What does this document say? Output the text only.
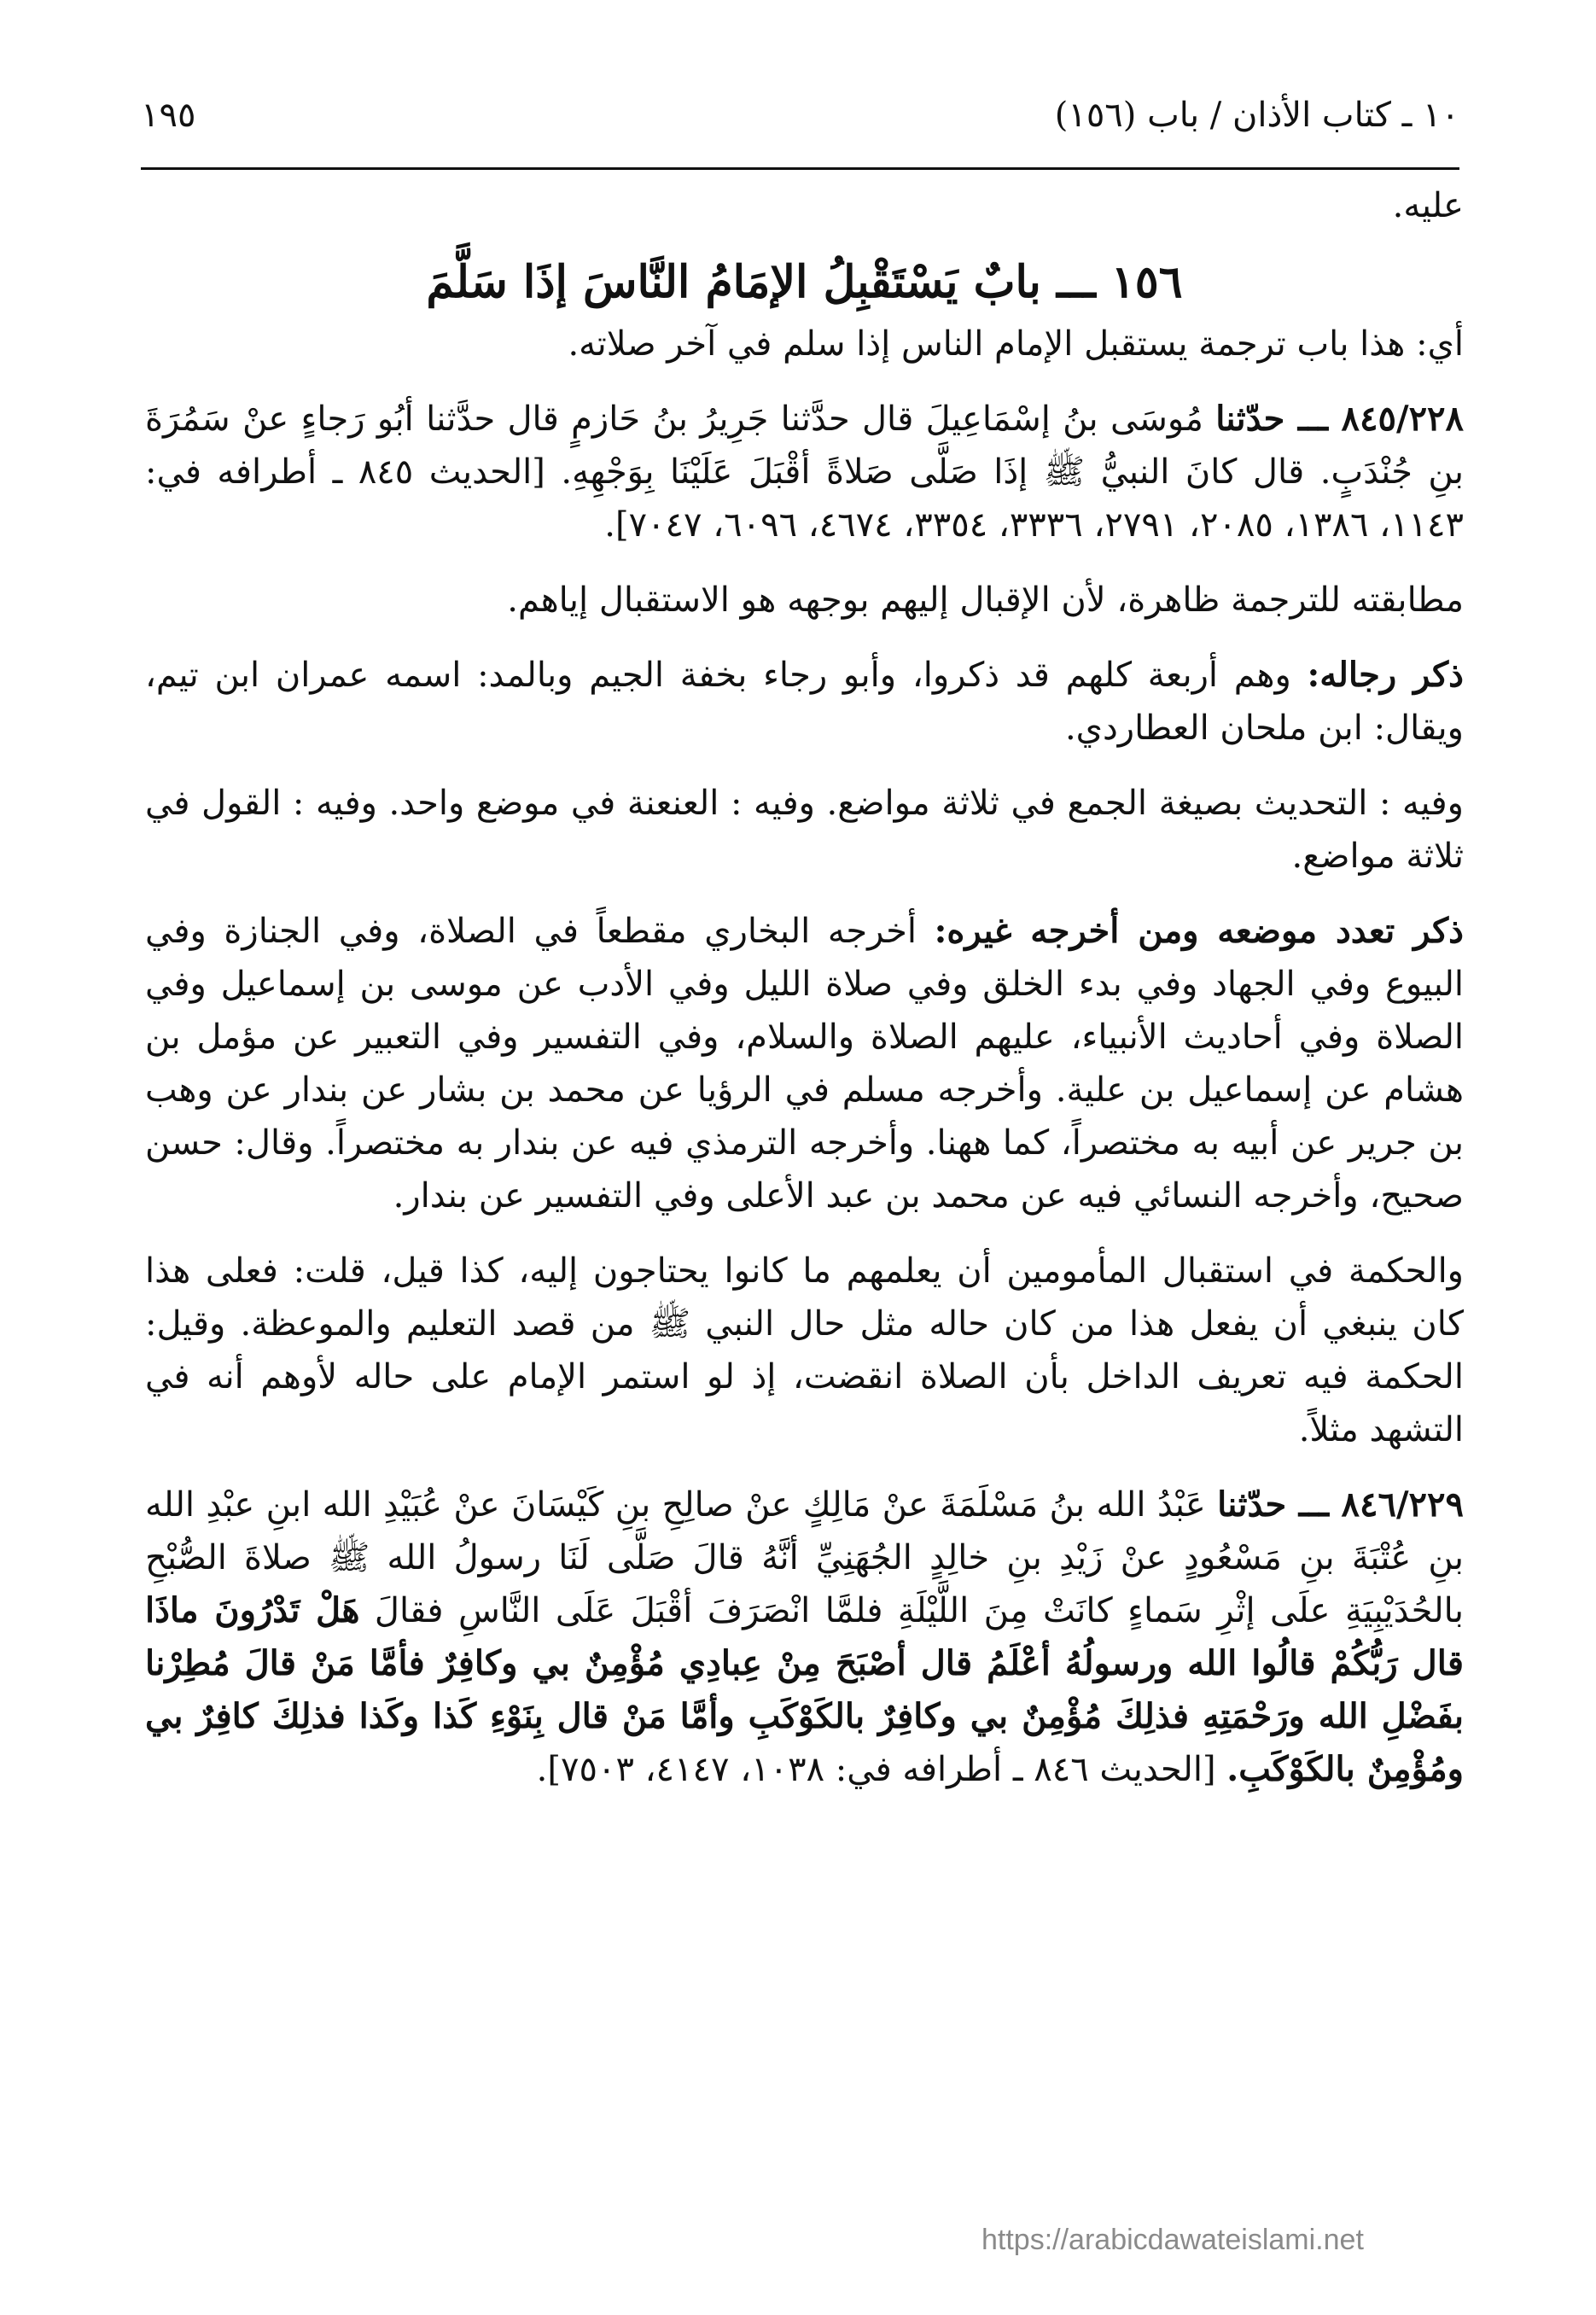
١٠ ـ كتاب الأذان / باب (١٥٦)
١٩٥

عليه.

١٥٦ ـــ بابٌ يَسْتَقْبِلُ الإمَامُ النَّاسَ إذَا سَلَّمَ

أي: هذا باب ترجمة يستقبل الإمام الناس إذا سلم في آخر صلاته.

٨٤٥/٢٢٨ ـــ حدّثنا مُوسَى بنُ إسْمَاعِيلَ قال حدَّثنا جَرِيرُ بنُ حَازمٍ قال حدَّثنا أبُو رَجاءٍ عنْ سَمُرَةَ بنِ جُنْدَبٍ. قال كانَ النبيُّ ﷺ إذَا صَلَّى صَلاةً أقْبَلَ عَلَيْنَا بِوَجْهِهِ. [الحديث ٨٤٥ ـ أطرافه في: ١١٤٣، ١٣٨٦، ٢٠٨٥، ٢٧٩١، ٣٣٣٦، ٣٣٥٤، ٤٦٧٤، ٦٠٩٦، ٧٠٤٧].

مطابقته للترجمة ظاهرة، لأن الإقبال إليهم بوجهه هو الاستقبال إياهم.

ذكر رجاله: وهم أربعة كلهم قد ذكروا، وأبو رجاء بخفة الجيم وبالمد: اسمه عمران ابن تيم، ويقال: ابن ملحان العطاردي.

وفيه : التحديث بصيغة الجمع في ثلاثة مواضع. وفيه : العنعنة في موضع واحد. وفيه : القول في ثلاثة مواضع.

ذكر تعدد موضعه ومن أخرجه غيره: أخرجه البخاري مقطعاً في الصلاة، وفي الجنازة وفي البيوع وفي الجهاد وفي بدء الخلق وفي صلاة الليل وفي الأدب عن موسى بن إسماعيل وفي الصلاة وفي أحاديث الأنبياء، عليهم الصلاة والسلام، وفي التفسير وفي التعبير عن مؤمل بن هشام عن إسماعيل بن علية. وأخرجه مسلم في الرؤيا عن محمد بن بشار عن بندار عن وهب بن جرير عن أبيه به مختصراً، كما ههنا. وأخرجه الترمذي فيه عن بندار به مختصراً. وقال: حسن صحيح، وأخرجه النسائي فيه عن محمد بن عبد الأعلى وفي التفسير عن بندار.

والحكمة في استقبال المأمومين أن يعلمهم ما كانوا يحتاجون إليه، كذا قيل، قلت: فعلى هذا كان ينبغي أن يفعل هذا من كان حاله مثل حال النبي ﷺ من قصد التعليم والموعظة. وقيل: الحكمة فيه تعريف الداخل بأن الصلاة انقضت، إذ لو استمر الإمام على حاله لأوهم أنه في التشهد مثلاً.

٨٤٦/٢٢٩ ـــ حدّثنا عَبْدُ الله بنُ مَسْلَمَةَ عنْ مَالِكٍ عنْ صالِحِ بنِ كَيْسَانَ عنْ عُبَيْدِ الله ابنِ عبْدِ الله بنِ عُتْبَةَ بنِ مَسْعُودٍ عنْ زَيْدِ بنِ خالِدٍ الجُهَنِيِّ أنَّهُ قالَ صَلَّى لَنَا رسولُ الله ﷺ صلاةَ الصُّبْحِ بالحُدَيْبِيَةِ علَى إثْرِ سَماءٍ كانَتْ مِنَ اللَّيْلَةِ فلمَّا انْصَرَفَ أقْبَلَ عَلَى النَّاسِ فقالَ هَلْ تَدْرُونَ ماذَا قال رَبُّكُمْ قالُوا الله ورسولُهُ أعْلَمُ قال أصْبَحَ مِنْ عِبادِي مُؤْمِنٌ بي وكافِرٌ فأمَّا مَنْ قالَ مُطِرْنا بفَضْلِ الله ورَحْمَتِهِ فذلِكَ مُؤْمِنٌ بي وكافِرٌ بالكَوْكَبِ وأمَّا مَنْ قال بِنَوْءِ كَذا وكَذا فذلِكَ كافِرٌ بي ومُؤْمِنٌ بالكَوْكَبِ. [الحديث ٨٤٦ ـ أطرافه في: ١٠٣٨، ٤١٤٧، ٧٥٠٣].

https://arabicdawateislami.net
